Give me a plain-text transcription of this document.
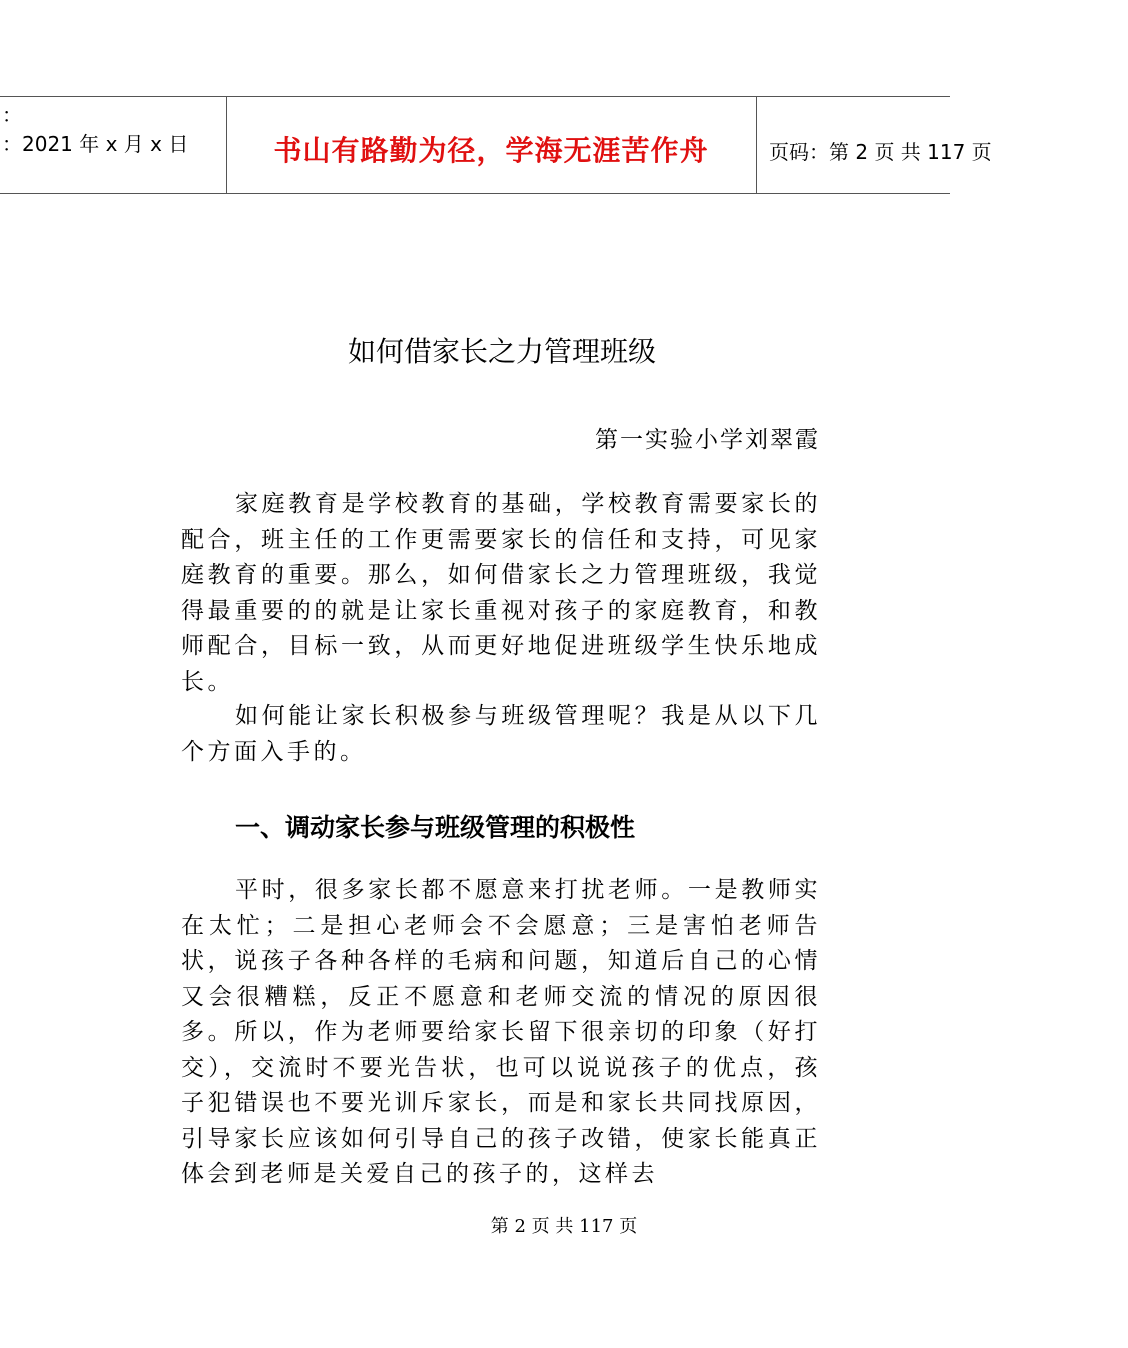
：
：2021 年 x 月 x 日	书山有路勤为径，学海无涯苦作舟	页码：第 2 页 共 117 页
如何借家长之力管理班级
第一实验小学刘翠霞

家庭教育是学校教育的基础，学校教育需要家长的配合，班主任的工作更需要家长的信任和支持，可见家庭教育的重要。那么，如何借家长之力管理班级，我觉得最重要的的就是让家长重视对孩子的家庭教育，和教师配合，目标一致，从而更好地促进班级学生快乐地成长。

如何能让家长积极参与班级管理呢？我是从以下几个方面入手的。

一、调动家长参与班级管理的积极性

平时，很多家长都不愿意来打扰老师。一是教师实在太忙；二是担心老师会不会愿意；三是害怕老师告状，说孩子各种各样的毛病和问题，知道后自己的心情又会很糟糕，反正不愿意和老师交流的情况的原因很多。所以，作为老师要给家长留下很亲切的印象（好打交），交流时不要光告状，也可以说说孩子的优点，孩子犯错误也不要光训斥家长，而是和家长共同找原因，引导家长应该如何引导自己的孩子改错，使家长能真正体会到老师是关爱自己的孩子的，这样去

第 2 页 共 117 页
